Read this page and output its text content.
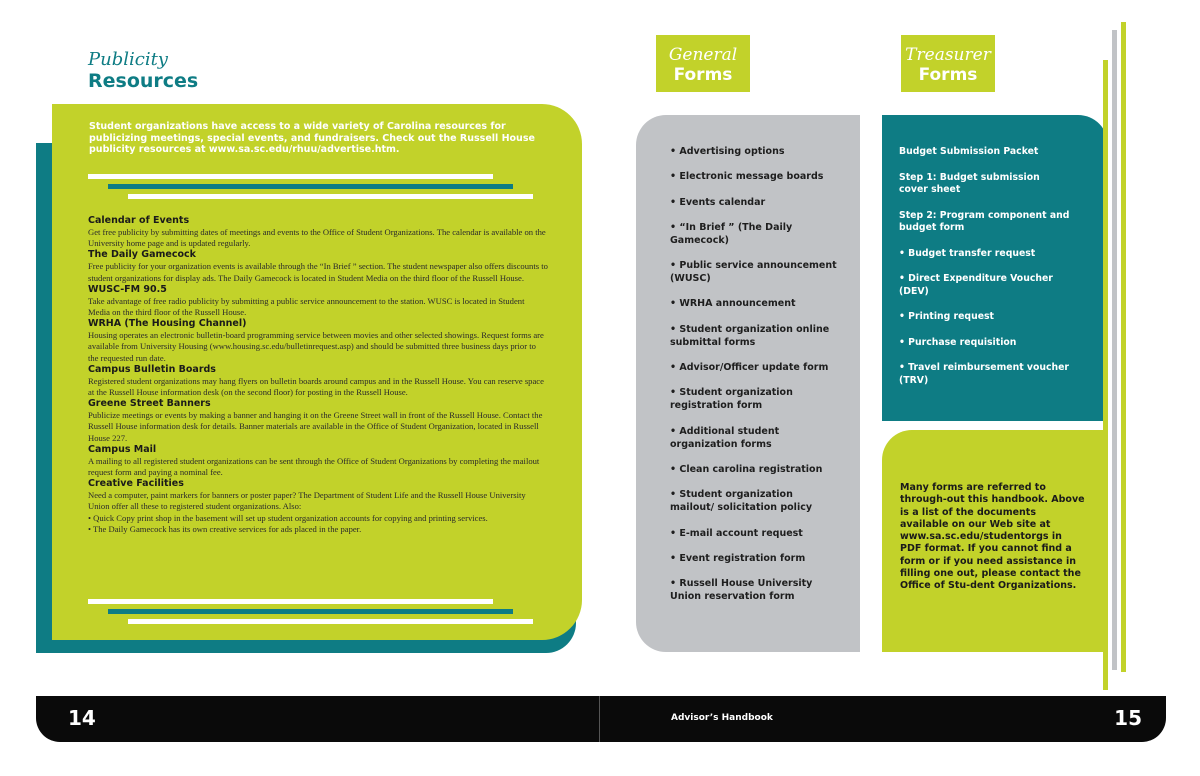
Publicity
Resources
Student organizations have access to a wide variety of Carolina resources for publicizing meetings, special events, and fundraisers. Check out the Russell House publicity resources at www.sa.sc.edu/rhuu/advertise.htm.
Calendar of Events
Get free publicity by submitting dates of meetings and events to the Office of Student Organizations. The calendar is available on the University home page and is updated regularly.
The Daily Gamecock
Free publicity for your organization events is available through the “In Brief ” section. The student newspaper also offers discounts to student organizations for display ads. The Daily Gamecock is located in Student Media on the third floor of the Russell House.
WUSC-FM 90.5
Take advantage of free radio publicity by submitting a public service announcement to the station. WUSC is located in Student Media on the third floor of the Russell House.
WRHA (The Housing Channel)
Housing operates an electronic bulletin-board programming service between movies and other selected showings. Request forms are available from University Housing (www.housing.sc.edu/bulletinrequest.asp) and should be submitted three business days prior to the requested run date.
Campus Bulletin Boards
Registered student organizations may hang flyers on bulletin boards around campus and in the Russell House. You can reserve space at the Russell House information desk (on the second floor) for posting in the Russell House.
Greene Street Banners
Publicize meetings or events by making a banner and hanging it on the Greene Street wall in front of the Russell House. Contact the Russell House information desk for details. Banner materials are available in the Office of Student Organization, located in Russell House 227.
Campus Mail
A mailing to all registered student organizations can be sent through the Office of Student Organizations by completing the mailout request form and paying a nominal fee.
Creative Facilities
Need a computer, paint markers for banners or poster paper? The Department of Student Life and the Russell House University Union offer all these to registered student organizations. Also:
• Quick Copy print shop in the basement will set up student organization accounts for copying and printing services.
• The Daily Gamecock has its own creative services for ads placed in the paper.
General
Forms
• Advertising options
• Electronic message boards
• Events calendar
• “In Brief ” (The Daily Gamecock)
• Public service announcement (WUSC)
• WRHA announcement
• Student organization online submittal forms
• Advisor/Officer update form
• Student organization registration form
• Additional student organization forms
• Clean carolina registration
• Student organization mailout/ solicitation policy
• E-mail account request
• Event registration form
• Russell House University Union reservation form
Treasurer
Forms
Budget Submission Packet
Step 1: Budget submission cover sheet
Step 2: Program component and budget form
• Budget transfer request
• Direct Expenditure Voucher (DEV)
• Printing request
• Purchase requisition
• Travel reimbursement voucher (TRV)
Many forms are referred to through-out this handbook. Above is a list of the documents available on our Web site at www.sa.sc.edu/studentorgs in PDF format. If you cannot find a form or if you need assistance in filling one out, please contact the Office of Stu-dent Organizations.
14	Advisor’s Handbook	15
